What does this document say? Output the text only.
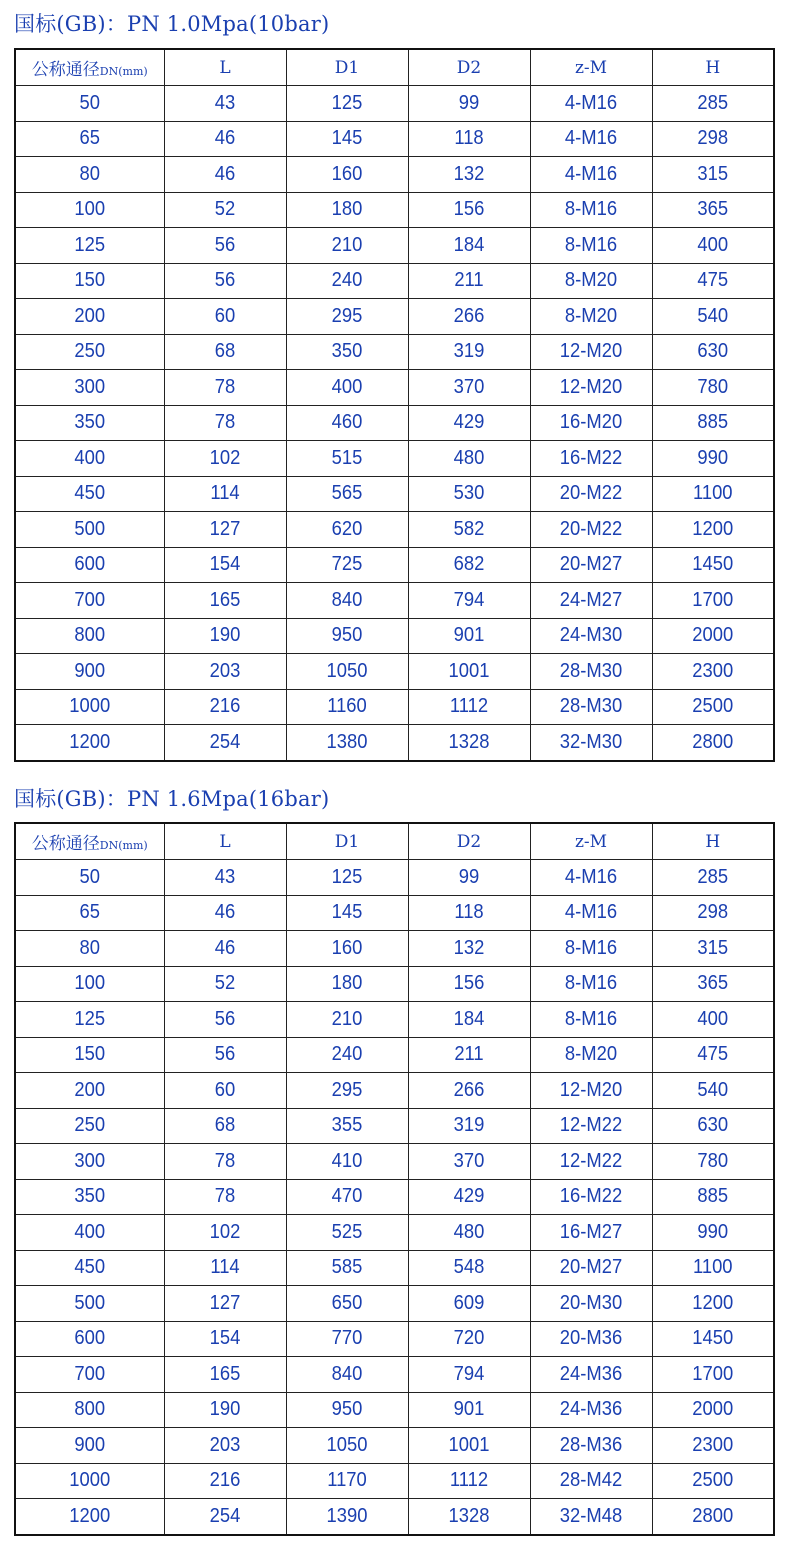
国标(GB)：PN 1.0Mpa(10bar)
公称通径DN(mm)	L	D1	D2	z-M	H
50	43	125	99	4-M16	285
65	46	145	118	4-M16	298
80	46	160	132	4-M16	315
100	52	180	156	8-M16	365
125	56	210	184	8-M16	400
150	56	240	211	8-M20	475
200	60	295	266	8-M20	540
250	68	350	319	12-M20	630
300	78	400	370	12-M20	780
350	78	460	429	16-M20	885
400	102	515	480	16-M22	990
450	114	565	530	20-M22	1100
500	127	620	582	20-M22	1200
600	154	725	682	20-M27	1450
700	165	840	794	24-M27	1700
800	190	950	901	24-M30	2000
900	203	1050	1001	28-M30	2300
1000	216	1160	1112	28-M30	2500
1200	254	1380	1328	32-M30	2800
国标(GB)：PN 1.6Mpa(16bar)
公称通径DN(mm)	L	D1	D2	z-M	H
50	43	125	99	4-M16	285
65	46	145	118	4-M16	298
80	46	160	132	8-M16	315
100	52	180	156	8-M16	365
125	56	210	184	8-M16	400
150	56	240	211	8-M20	475
200	60	295	266	12-M20	540
250	68	355	319	12-M22	630
300	78	410	370	12-M22	780
350	78	470	429	16-M22	885
400	102	525	480	16-M27	990
450	114	585	548	20-M27	1100
500	127	650	609	20-M30	1200
600	154	770	720	20-M36	1450
700	165	840	794	24-M36	1700
800	190	950	901	24-M36	2000
900	203	1050	1001	28-M36	2300
1000	216	1170	1112	28-M42	2500
1200	254	1390	1328	32-M48	2800
